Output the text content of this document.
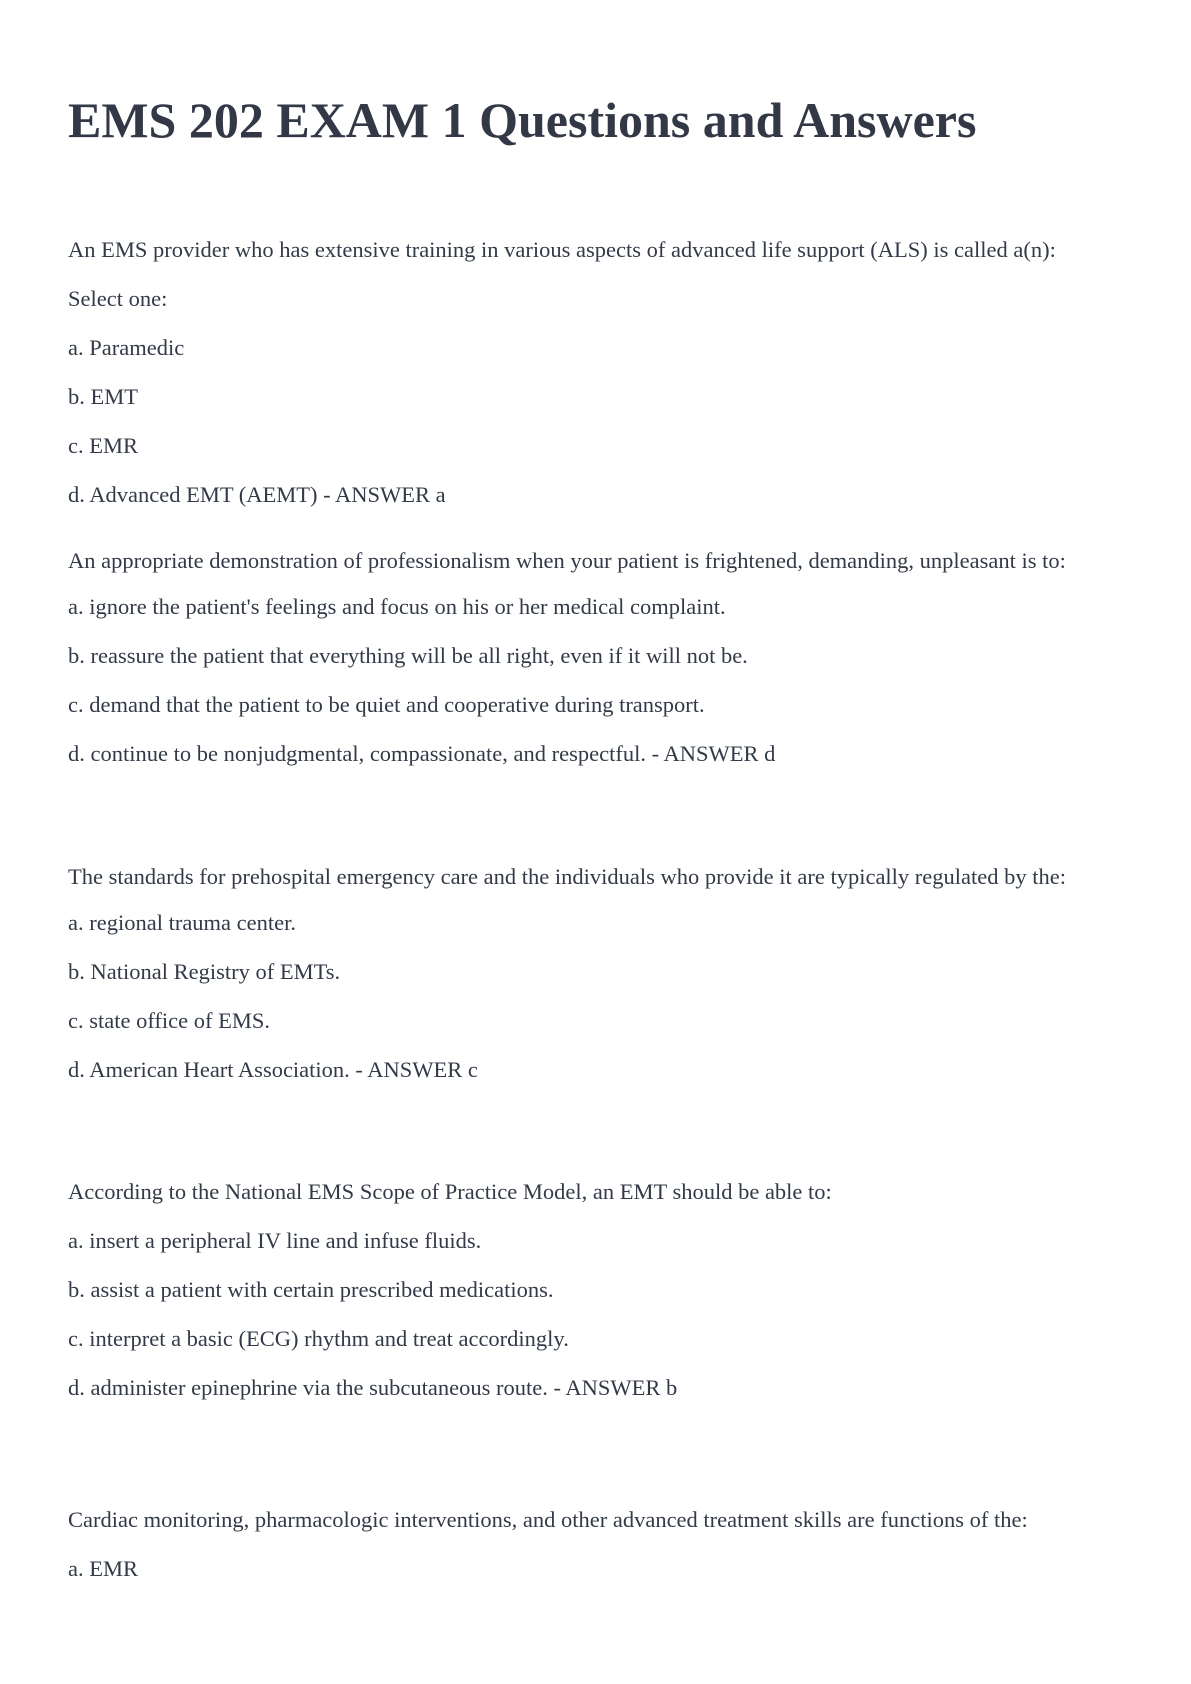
EMS 202 EXAM 1 Questions and Answers

An EMS provider who has extensive training in various aspects of advanced life support (ALS) is called a(n):

Select one:

a. Paramedic

b. EMT

c. EMR

d. Advanced EMT (AEMT) - ANSWER a

An appropriate demonstration of professionalism when your patient is frightened, demanding, unpleasant is to:

a. ignore the patient's feelings and focus on his or her medical complaint.

b. reassure the patient that everything will be all right, even if it will not be.

c. demand that the patient to be quiet and cooperative during transport.

d. continue to be nonjudgmental, compassionate, and respectful. - ANSWER d

The standards for prehospital emergency care and the individuals who provide it are typically regulated by the:

a. regional trauma center.

b. National Registry of EMTs.

c. state office of EMS.

d. American Heart Association. - ANSWER c

According to the National EMS Scope of Practice Model, an EMT should be able to:

a. insert a peripheral IV line and infuse fluids.

b. assist a patient with certain prescribed medications.

c. interpret a basic (ECG) rhythm and treat accordingly.

d. administer epinephrine via the subcutaneous route. - ANSWER b

Cardiac monitoring, pharmacologic interventions, and other advanced treatment skills are functions of the:

a. EMR
